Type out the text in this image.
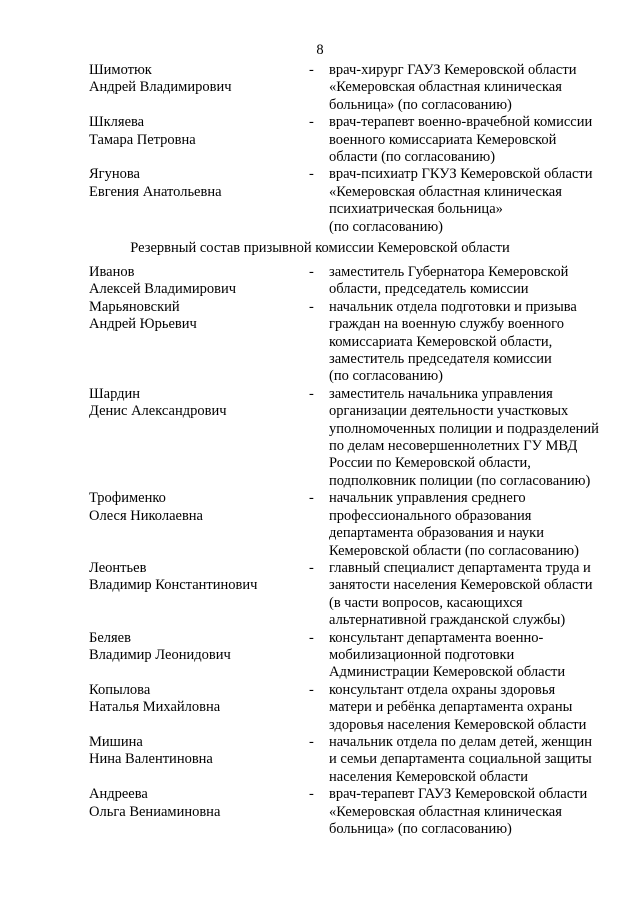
8
Шимотюк
Андрей Владимирович
-	врач-хирург ГАУЗ Кемеровской области
«Кемеровская областная клиническая
больница» (по согласованию)
Шкляева
Тамара Петровна
-	врач-терапевт военно-врачебной комиссии
военного комиссариата Кемеровской
области (по согласованию)
Ягунова
Евгения Анатольевна
-	врач-психиатр ГКУЗ Кемеровской области
«Кемеровская областная клиническая
психиатрическая больница»
(по согласованию)
Резервный состав призывной комиссии Кемеровской области
Иванов
Алексей Владимирович
-	заместитель Губернатора Кемеровской
области, председатель комиссии
Марьяновский
Андрей Юрьевич
-	начальник отдела подготовки и призыва
граждан на военную службу военного
комиссариата Кемеровской области,
заместитель председателя комиссии
(по согласованию)
Шардин
Денис Александрович
-	заместитель начальника управления
организации деятельности участковых
уполномоченных полиции и подразделений
по делам несовершеннолетних ГУ МВД
России по Кемеровской области,
подполковник полиции (по согласованию)
Трофименко
Олеся Николаевна
-	начальник управления среднего
профессионального образования
департамента образования и науки
Кемеровской области (по согласованию)
Леонтьев
Владимир Константинович
-	главный специалист департамента труда и
занятости населения Кемеровской области
(в части вопросов, касающихся
альтернативной гражданской службы)
Беляев
Владимир Леонидович
-	консультант департамента военно-
мобилизационной подготовки
Администрации Кемеровской области
Копылова
Наталья Михайловна
-	консультант отдела охраны здоровья
матери и ребёнка департамента охраны
здоровья населения Кемеровской области
Мишина
Нина Валентиновна
-	начальник отдела по делам детей, женщин
и семьи департамента социальной защиты
населения Кемеровской области
Андреева
Ольга Вениаминовна
-	врач-терапевт ГАУЗ Кемеровской области
«Кемеровская областная клиническая
больница» (по согласованию)
